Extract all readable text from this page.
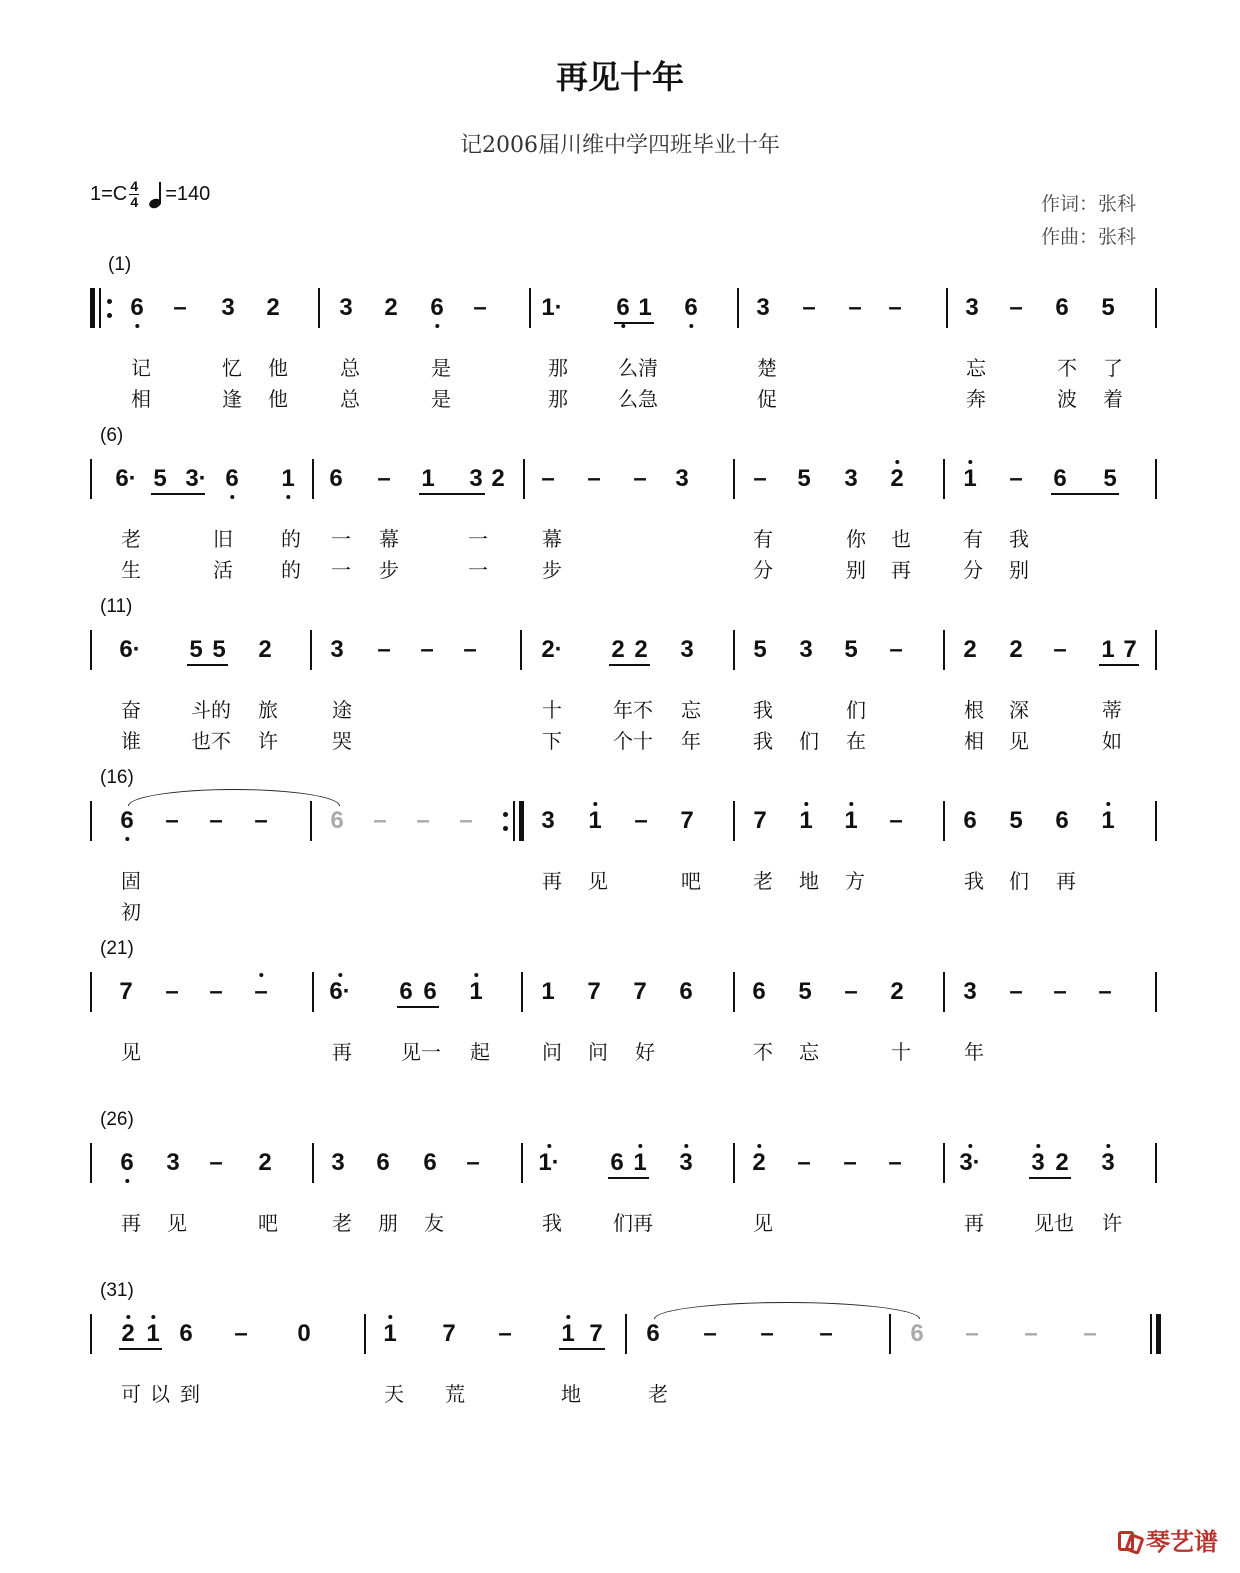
再见十年
记2006届川维中学四班毕业十年
$1=C \frac{4}{4} =140$	作词：张科
作曲：张科
(1)
6 – 3 2 3 2 6 – 1· 6 1 6 3 – – –	3 – 6 5
记	忆 他	总	是	那	么清	楚	忘	不 了
相	逢 他	总	是	那	么急	促	奔	波 着
(6)
6· 5 3· 6 1 6 – 1 3 2 – – – 3	– 5 3 2 1 – 6 5
老	旧 的 一 幕	一	幕	有	你 也	有 我
生	活 的 一 步	一	步	分	别 再	分 别
(11)
6· 5 5 2 3 – – –	2· 2 2 3 5 3 5 –	2 2 – 1 7
奋	斗的 旅	途	十	年不 忘	我	们	根 深	蒂
谁	也不 许	哭	下	个十 年	我 们 在	相 见	如
(16)
6 – – –	6 – – –	3 1 – 7 7 1 1 –	6 5 6 1
固	再 见	吧	老 地 方	我 们 再
初
(21)
7 – – –	6· 6 6 1 1 7 7 6 6 5 – 2 3 – – –
见	再 见一 起	问 问 好	不 忘	十	年
(26)
6 3 – 2 3 6 6 – 1· 6 1 3 2 – – – 3· 3 2 3
再 见	吧	老 朋 友	我	们再	见	再	见也 许
(31)
2 1 6 – 0	1 7 – 1 7 6 – – –	6 – – –
可 以 到	天 荒	地	老
琴艺谱
